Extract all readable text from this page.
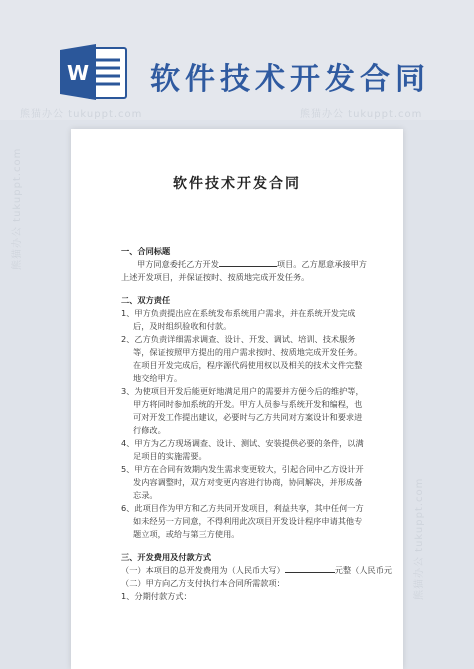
W 软件技术开发合同
熊猫办公 tukuppt.com	熊猫办公 tukuppt.com
熊猫办公 tukuppt.com
熊猫办公 tukuppt.com
软件技术开发合同
一、合同标题
甲方同意委托乙方开发	项目。乙方愿意承接甲方上述开发项目，并保证按时、按质地完成开发任务。
二、双方责任
1、甲方负责提出应在系统发布系统用户需求，并在系统开发完成后，及时组织验收和付款。
2、乙方负责详细需求调查、设计、开发、调试、培训、技术服务等，保证按照甲方提出的用户需求按时、按质地完成开发任务。在项目开发完成后，程序源代码使用权以及相关的技术文件完整地交给甲方。
3、为使项目开发后能更好地满足用户的需要并方便今后的维护等，甲方将同时参加系统的开发。甲方人员参与系统开发和编程，也可对开发工作提出建议，必要时与乙方共同对方案设计和要求进行修改。
4、甲方为乙方现场调查、设计、测试、安装提供必要的条件，以满足项目的实施需要。
5、甲方在合同有效期内发生需求变更较大，引起合同中乙方设计开发内容调整时，双方对变更内容进行协商，协同解决，并形成备忘录。
6、此项目作为甲方和乙方共同开发项目，利益共享，其中任何一方如未经另一方同意，不得利用此次项目开发设计程序申请其他专题立项，或给与第三方使用。
三、开发费用及付款方式
（一）本项目的总开发费用为（人民币大写）	元整（人民币元
（二）甲方向乙方支付执行本合同所需款项：
1、分期付款方式：
